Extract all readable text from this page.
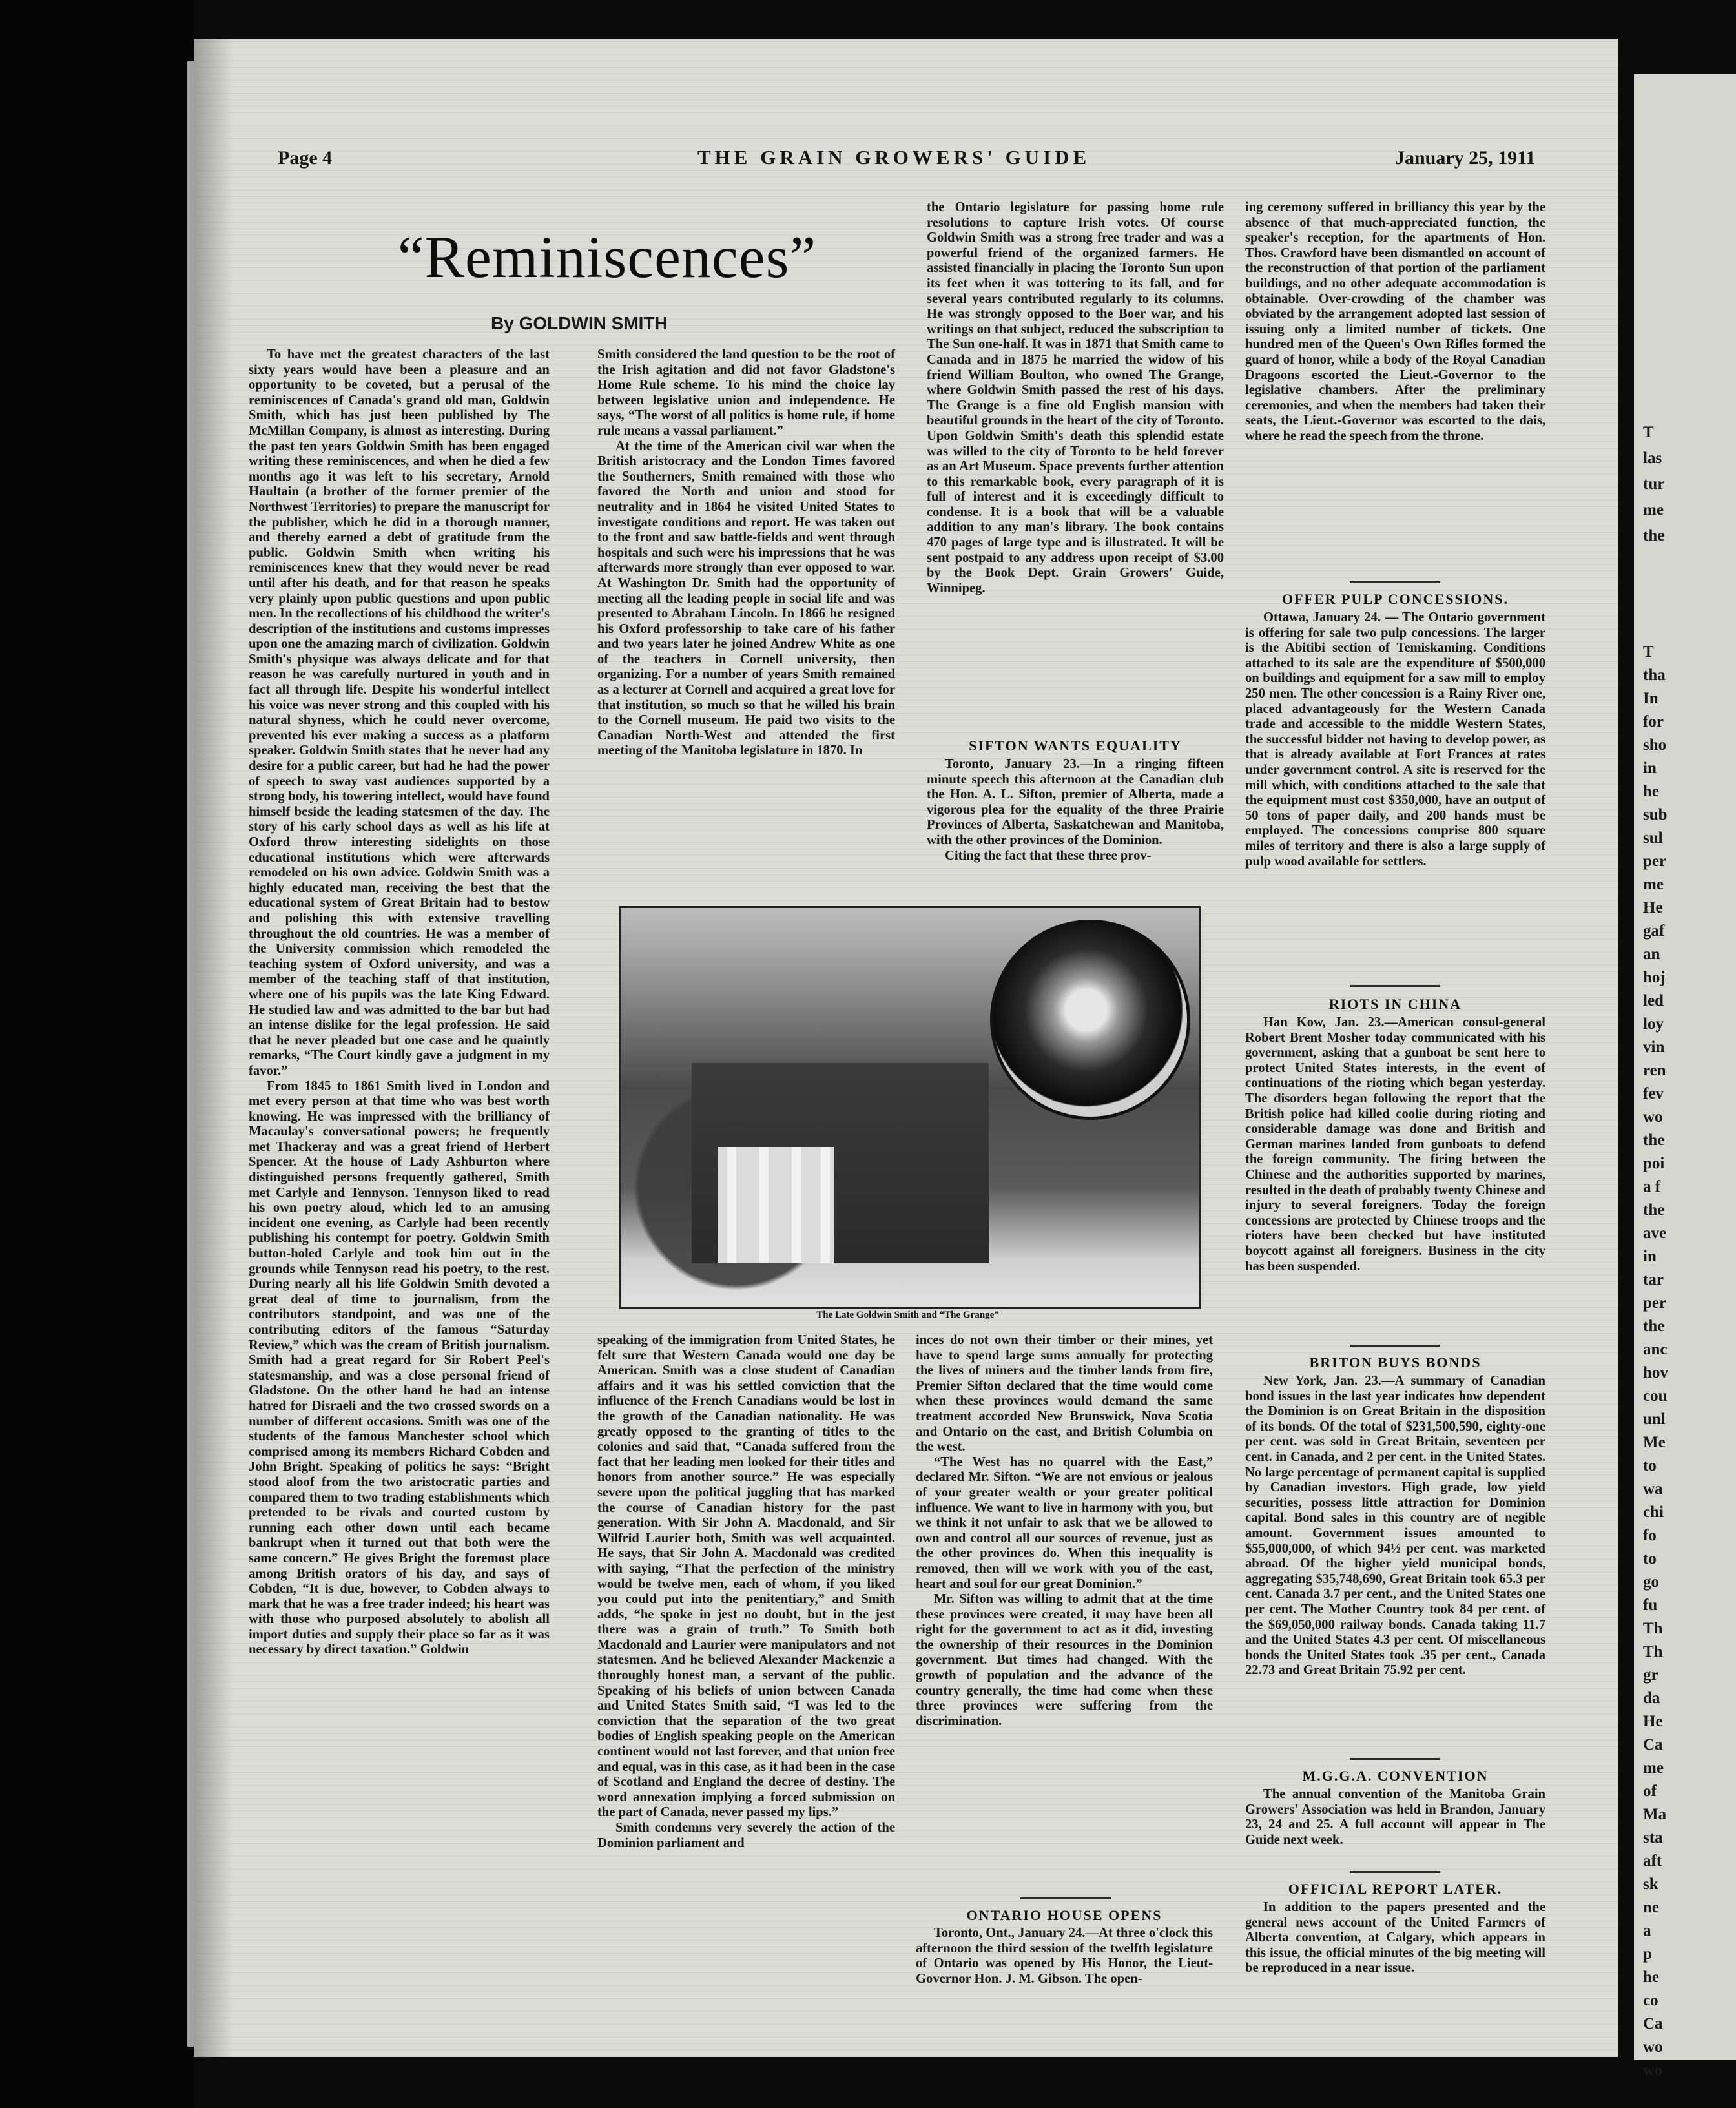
Page 4	THE GRAIN GROWERS' GUIDE	January 25, 1911
“Reminiscences”
By GOLDWIN SMITH

To have met the greatest characters of the last sixty years would have been a pleasure and an opportunity to be coveted, but a perusal of the reminiscences of Canada's grand old man, Goldwin Smith, which has just been published by The McMillan Company, is almost as interesting. During the past ten years Goldwin Smith has been engaged writing these reminiscences, and when he died a few months ago it was left to his secretary, Arnold Haultain (a brother of the former premier of the Northwest Territories) to prepare the manuscript for the publisher, which he did in a thorough manner, and thereby earned a debt of gratitude from the public. Goldwin Smith when writing his reminiscences knew that they would never be read until after his death, and for that reason he speaks very plainly upon public questions and upon public men. In the recollections of his childhood the writer's description of the institutions and customs impresses upon one the amazing march of civilization. Goldwin Smith's physique was always delicate and for that reason he was carefully nurtured in youth and in fact all through life. Despite his wonderful intellect his voice was never strong and this coupled with his natural shyness, which he could never overcome, prevented his ever making a success as a platform speaker. Goldwin Smith states that he never had any desire for a public career, but had he had the power of speech to sway vast audiences supported by a strong body, his towering intellect, would have found himself beside the leading statesmen of the day. The story of his early school days as well as his life at Oxford throw interesting sidelights on those educational institutions which were afterwards remodeled on his own advice. Goldwin Smith was a highly educated man, receiving the best that the educational system of Great Britain had to bestow and polishing this with extensive travelling throughout the old countries. He was a member of the University commission which remodeled the teaching system of Oxford university, and was a member of the teaching staff of that institution, where one of his pupils was the late King Edward. He studied law and was admitted to the bar but had an intense dislike for the legal profession. He said that he never pleaded but one case and he quaintly remarks, “The Court kindly gave a judgment in my favor.”

From 1845 to 1861 Smith lived in London and met every person at that time who was best worth knowing. He was impressed with the brilliancy of Macaulay's conversational powers; he frequently met Thackeray and was a great friend of Herbert Spencer. At the house of Lady Ashburton where distinguished persons frequently gathered, Smith met Carlyle and Tennyson. Tennyson liked to read his own poetry aloud, which led to an amusing incident one evening, as Carlyle had been recently publishing his contempt for poetry. Goldwin Smith button-holed Carlyle and took him out in the grounds while Tennyson read his poetry, to the rest. During nearly all his life Goldwin Smith devoted a great deal of time to journalism, from the contributors standpoint, and was one of the contributing editors of the famous “Saturday Review,” which was the cream of British journalism. Smith had a great regard for Sir Robert Peel's statesmanship, and was a close personal friend of Gladstone. On the other hand he had an intense hatred for Disraeli and the two crossed swords on a number of different occasions. Smith was one of the students of the famous Manchester school which comprised among its members Richard Cobden and John Bright. Speaking of politics he says: “Bright stood aloof from the two aristocratic parties and compared them to two trading establishments which pretended to be rivals and courted custom by running each other down until each became bankrupt when it turned out that both were the same concern.” He gives Bright the foremost place among British orators of his day, and says of Cobden, “It is due, however, to Cobden always to mark that he was a free trader indeed; his heart was with those who purposed absolutely to abolish all import duties and supply their place so far as it was necessary by direct taxation.” Goldwin

Smith considered the land question to be the root of the Irish agitation and did not favor Gladstone's Home Rule scheme. To his mind the choice lay between legislative union and independence. He says, “The worst of all politics is home rule, if home rule means a vassal parliament.”

At the time of the American civil war when the British aristocracy and the London Times favored the Southerners, Smith remained with those who favored the North and union and stood for neutrality and in 1864 he visited United States to investigate conditions and report. He was taken out to the front and saw battle-fields and went through hospitals and such were his impressions that he was afterwards more strongly than ever opposed to war. At Washington Dr. Smith had the opportunity of meeting all the leading people in social life and was presented to Abraham Lincoln. In 1866 he resigned his Oxford professorship to take care of his father and two years later he joined Andrew White as one of the teachers in Cornell university, then organizing. For a number of years Smith remained as a lecturer at Cornell and acquired a great love for that institution, so much so that he willed his brain to the Cornell museum. He paid two visits to the Canadian North-West and attended the first meeting of the Manitoba legislature in 1870. In

the Ontario legislature for passing home rule resolutions to capture Irish votes. Of course Goldwin Smith was a strong free trader and was a powerful friend of the organized farmers. He assisted financially in placing the Toronto Sun upon its feet when it was tottering to its fall, and for several years contributed regularly to its columns. He was strongly opposed to the Boer war, and his writings on that subject, reduced the subscription to The Sun one-half. It was in 1871 that Smith came to Canada and in 1875 he married the widow of his friend William Boulton, who owned The Grange, where Goldwin Smith passed the rest of his days. The Grange is a fine old English mansion with beautiful grounds in the heart of the city of Toronto. Upon Goldwin Smith's death this splendid estate was willed to the city of Toronto to be held forever as an Art Museum. Space prevents further attention to this remarkable book, every paragraph of it is full of interest and it is exceedingly difficult to condense. It is a book that will be a valuable addition to any man's library. The book contains 470 pages of large type and is illustrated. It will be sent postpaid to any address upon receipt of $3.00 by the Book Dept. Grain Growers' Guide, Winnipeg.

SIFTON WANTS EQUALITY

Toronto, January 23.—In a ringing fifteen minute speech this afternoon at the Canadian club the Hon. A. L. Sifton, premier of Alberta, made a vigorous plea for the equality of the three Prairie Provinces of Alberta, Saskatchewan and Manitoba, with the other provinces of the Dominion.

Citing the fact that these three prov-

The Late Goldwin Smith and “The Grange”

speaking of the immigration from United States, he felt sure that Western Canada would one day be American. Smith was a close student of Canadian affairs and it was his settled conviction that the influence of the French Canadians would be lost in the growth of the Canadian nationality. He was greatly opposed to the granting of titles to the colonies and said that, “Canada suffered from the fact that her leading men looked for their titles and honors from another source.” He was especially severe upon the political juggling that has marked the course of Canadian history for the past generation. With Sir John A. Macdonald, and Sir Wilfrid Laurier both, Smith was well acquainted. He says, that Sir John A. Macdonald was credited with saying, “That the perfection of the ministry would be twelve men, each of whom, if you liked you could put into the penitentiary,” and Smith adds, “he spoke in jest no doubt, but in the jest there was a grain of truth.” To Smith both Macdonald and Laurier were manipulators and not statesmen. And he believed Alexander Mackenzie a thoroughly honest man, a servant of the public. Speaking of his beliefs of union between Canada and United States Smith said, “I was led to the conviction that the separation of the two great bodies of English speaking people on the American continent would not last forever, and that union free and equal, was in this case, as it had been in the case of Scotland and England the decree of destiny. The word annexation implying a forced submission on the part of Canada, never passed my lips.”

Smith condemns very severely the action of the Dominion parliament and

inces do not own their timber or their mines, yet have to spend large sums annually for protecting the lives of miners and the timber lands from fire, Premier Sifton declared that the time would come when these provinces would demand the same treatment accorded New Brunswick, Nova Scotia and Ontario on the east, and British Columbia on the west.

“The West has no quarrel with the East,” declared Mr. Sifton. “We are not envious or jealous of your greater wealth or your greater political influence. We want to live in harmony with you, but we think it not unfair to ask that we be allowed to own and control all our sources of revenue, just as the other provinces do. When this inequality is removed, then will we work with you of the east, heart and soul for our great Dominion.”

Mr. Sifton was willing to admit that at the time these provinces were created, it may have been all right for the government to act as it did, investing the ownership of their resources in the Dominion government. But times had changed. With the growth of population and the advance of the country generally, the time had come when these three provinces were suffering from the discrimination.

ONTARIO HOUSE OPENS

Toronto, Ont., January 24.—At three o'clock this afternoon the third session of the twelfth legislature of Ontario was opened by His Honor, the Lieut-Governor Hon. J. M. Gibson. The open-

ing ceremony suffered in brilliancy this year by the absence of that much-appreciated function, the speaker's reception, for the apartments of Hon. Thos. Crawford have been dismantled on account of the reconstruction of that portion of the parliament buildings, and no other adequate accommodation is obtainable. Over-crowding of the chamber was obviated by the arrangement adopted last session of issuing only a limited number of tickets. One hundred men of the Queen's Own Rifles formed the guard of honor, while a body of the Royal Canadian Dragoons escorted the Lieut.-Governor to the legislative chambers. After the preliminary ceremonies, and when the members had taken their seats, the Lieut.-Governor was escorted to the dais, where he read the speech from the throne.

OFFER PULP CONCESSIONS.

Ottawa, January 24. — The Ontario government is offering for sale two pulp concessions. The larger is the Abitibi section of Temiskaming. Conditions attached to its sale are the expenditure of $500,000 on buildings and equipment for a saw mill to employ 250 men. The other concession is a Rainy River one, placed advantageously for the Western Canada trade and accessible to the middle Western States, the successful bidder not having to develop power, as that is already available at Fort Frances at rates under government control. A site is reserved for the mill which, with conditions attached to the sale that the equipment must cost $350,000, have an output of 50 tons of paper daily, and 200 hands must be employed. The concessions comprise 800 square miles of territory and there is also a large supply of pulp wood available for settlers.

RIOTS IN CHINA

Han Kow, Jan. 23.—American consul-general Robert Brent Mosher today communicated with his government, asking that a gunboat be sent here to protect United States interests, in the event of continuations of the rioting which began yesterday. The disorders began following the report that the British police had killed coolie during rioting and considerable damage was done and British and German marines landed from gunboats to defend the foreign community. The firing between the Chinese and the authorities supported by marines, resulted in the death of probably twenty Chinese and injury to several foreigners. Today the foreign concessions are protected by Chinese troops and the rioters have been checked but have instituted boycott against all foreigners. Business in the city has been suspended.

BRITON BUYS BONDS

New York, Jan. 23.—A summary of Canadian bond issues in the last year indicates how dependent the Dominion is on Great Britain in the disposition of its bonds. Of the total of $231,500,590, eighty-one per cent. was sold in Great Britain, seventeen per cent. in Canada, and 2 per cent. in the United States. No large percentage of permanent capital is supplied by Canadian investors. High grade, low yield securities, possess little attraction for Dominion capital. Bond sales in this country are of negible amount. Government issues amounted to $55,000,000, of which 94½ per cent. was marketed abroad. Of the higher yield municipal bonds, aggregating $35,748,690, Great Britain took 65.3 per cent. Canada 3.7 per cent., and the United States one per cent. The Mother Country took 84 per cent. of the $69,050,000 railway bonds. Canada taking 11.7 and the United States 4.3 per cent. Of miscellaneous bonds the United States took .35 per cent., Canada 22.73 and Great Britain 75.92 per cent.

M.G.G.A. CONVENTION

The annual convention of the Manitoba Grain Growers' Association was held in Brandon, January 23, 24 and 25. A full account will appear in The Guide next week.

OFFICIAL REPORT LATER.

In addition to the papers presented and the general news account of the United Farmers of Alberta convention, at Calgary, which appears in this issue, the official minutes of the big meeting will be reproduced in a near issue.

T
las
tur
me
the
T
tha
In
for
sho
in
he
sub
sul
per
me
He
gaf
an
hoj
led
loy
vin
ren
fev
wo
the
poi
a f
the
ave
in
tar
per
the
anc
hov
cou
unl
Me
to
wa
chi
fo
to
go
fu
Th
Th
gr
da
He
Ca
me
of
Ma
sta
aft
sk
ne
a
p
he
co
Ca
wo
wo
